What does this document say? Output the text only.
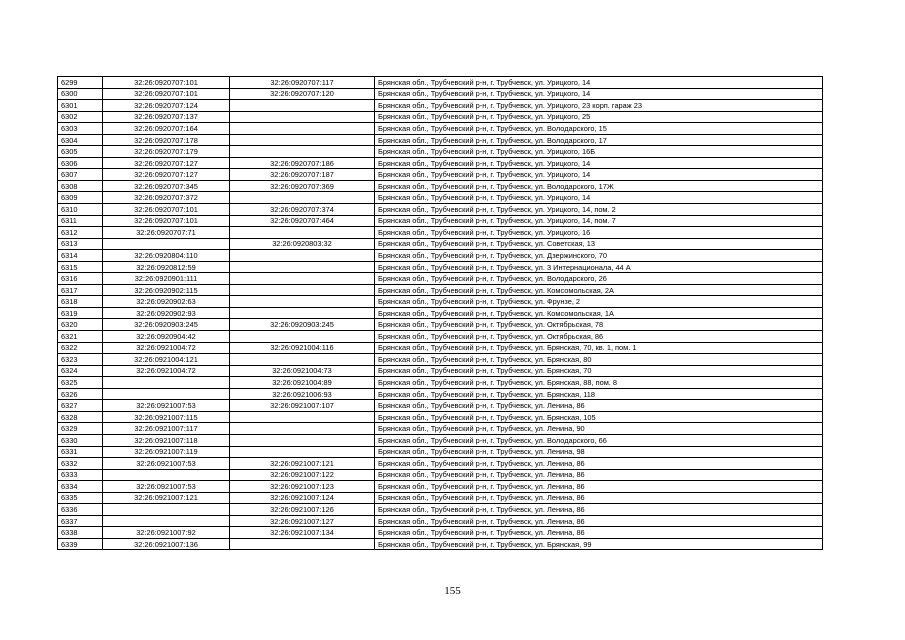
6299	32:26:0920707:101	32:26:0920707:117	Брянская обл., Трубчевский р-н, г. Трубчевск, ул. Урицкого, 14
6300	32:26:0920707:101	32:26:0920707:120	Брянская обл., Трубчевский р-н, г. Трубчевск, ул. Урицкого, 14
6301	32:26:0920707:124		Брянская обл., Трубчевский р-н, г. Трубчевск, ул. Урицкого, 23 корп. гараж 23
6302	32:26:0920707:137		Брянская обл., Трубчевский р-н, г. Трубчевск, ул. Урицкого, 25
6303	32:26:0920707:164		Брянская обл., Трубчевский р-н, г. Трубчевск, ул. Володарского, 15
6304	32:26:0920707:178		Брянская обл., Трубчевский р-н, г. Трубчевск, ул. Володарского, 17
6305	32:26:0920707:179		Брянская обл., Трубчевский р-н, г. Трубчевск, ул. Урицкого, 16Б
6306	32:26:0920707:127	32:26:0920707:186	Брянская обл., Трубчевский р-н, г. Трубчевск, ул. Урицкого, 14
6307	32:26:0920707:127	32:26:0920707:187	Брянская обл., Трубчевский р-н, г. Трубчевск, ул. Урицкого, 14
6308	32:26:0920707:345	32:26:0920707:369	Брянская обл., Трубчевский р-н, г. Трубчевск, ул. Володарского, 17Ж
6309	32:26:0920707:372		Брянская обл., Трубчевский р-н, г. Трубчевск, ул. Урицкого, 14
6310	32:26:0920707:101	32:26:0920707:374	Брянская обл., Трубчевский р-н, г. Трубчевск, ул. Урицкого, 14, пом. 2
6311	32:26:0920707:101	32:26:0920707:464	Брянская обл., Трубчевский р-н, г. Трубчевск, ул. Урицкого, 14, пом. 7
6312	32:26:0920707:71		Брянская обл., Трубчевский р-н, г. Трубчевск, ул. Урицкого, 16
6313		32:26:0920803:32	Брянская обл., Трубчевский р-н, г. Трубчевск, ул. Советская, 13
6314	32:26:0920804:110		Брянская обл., Трубчевский р-н, г. Трубчевск, ул. Дзержинского, 70
6315	32:26:0920812:59		Брянская обл., Трубчевский р-н, г. Трубчевск, ул. 3 Интернационала, 44 А
6316	32:26:0920901:111		Брянская обл., Трубчевский р-н, г. Трубчевск, ул. Володарского, 26
6317	32:26:0920902:115		Брянская обл., Трубчевский р-н, г. Трубчевск, ул. Комсомольская, 2А
6318	32:26:0920902:63		Брянская обл., Трубчевский р-н, г. Трубчевск, ул. Фрунзе, 2
6319	32:26:0920902:93		Брянская обл., Трубчевский р-н, г. Трубчевск, ул. Комсомольская, 1А
6320	32:26:0920903:245	32:26:0920903:245	Брянская обл., Трубчевский р-н, г. Трубчевск, ул. Октябрьская, 78
6321	32:26:0920904:42		Брянская обл., Трубчевский р-н, г. Трубчевск, ул. Октябрьская, 86
6322	32:26:0921004:72	32:26:0921004:116	Брянская обл., Трубчевский р-н, г. Трубчевск, ул. Брянская, 70, кв. 1, пом. 1
6323	32:26:0921004:121		Брянская обл., Трубчевский р-н, г. Трубчевск, ул. Брянская, 80
6324	32:26:0921004:72	32:26:0921004:73	Брянская обл., Трубчевский р-н, г. Трубчевск, ул. Брянская, 70
6325		32:26:0921004:89	Брянская обл., Трубчевский р-н, г. Трубчевск, ул. Брянская, 88, пом. 8
6326		32:26:0921006:93	Брянская обл., Трубчевский р-н, г. Трубчевск, ул. Брянская, 118
6327	32:26:0921007:53	32:26:0921007:107	Брянская обл., Трубчевский р-н, г. Трубчевск, ул. Ленина, 86
6328	32:26:0921007:115		Брянская обл., Трубчевский р-н, г. Трубчевск, ул. Брянская, 105
6329	32:26:0921007:117		Брянская обл., Трубчевский р-н, г. Трубчевск, ул. Ленина, 90
6330	32:26:0921007:118		Брянская обл., Трубчевский р-н, г. Трубчевск, ул. Володарского, 66
6331	32:26:0921007:119		Брянская обл., Трубчевский р-н, г. Трубчевск, ул. Ленина, 98
6332	32:26:0921007:53	32:26:0921007:121	Брянская обл., Трубчевский р-н, г. Трубчевск, ул. Ленина, 86
6333		32:26:0921007:122	Брянская обл., Трубчевский р-н, г. Трубчевск, ул. Ленина, 86
6334	32:26:0921007:53	32:26:0921007:123	Брянская обл., Трубчевский р-н, г. Трубчевск, ул. Ленина, 86
6335	32:26:0921007:121	32:26:0921007:124	Брянская обл., Трубчевский р-н, г. Трубчевск, ул. Ленина, 86
6336		32:26:0921007:126	Брянская обл., Трубчевский р-н, г. Трубчевск, ул. Ленина, 86
6337		32:26:0921007:127	Брянская обл., Трубчевский р-н, г. Трубчевск, ул. Ленина, 86
6338	32:26:0921007:92	32:26:0921007:134	Брянская обл., Трубчевский р-н, г. Трубчевск, ул. Ленина, 86
6339	32:26:0921007:136		Брянская обл., Трубчевский р-н, г. Трубчевск, ул. Брянская, 99
155
